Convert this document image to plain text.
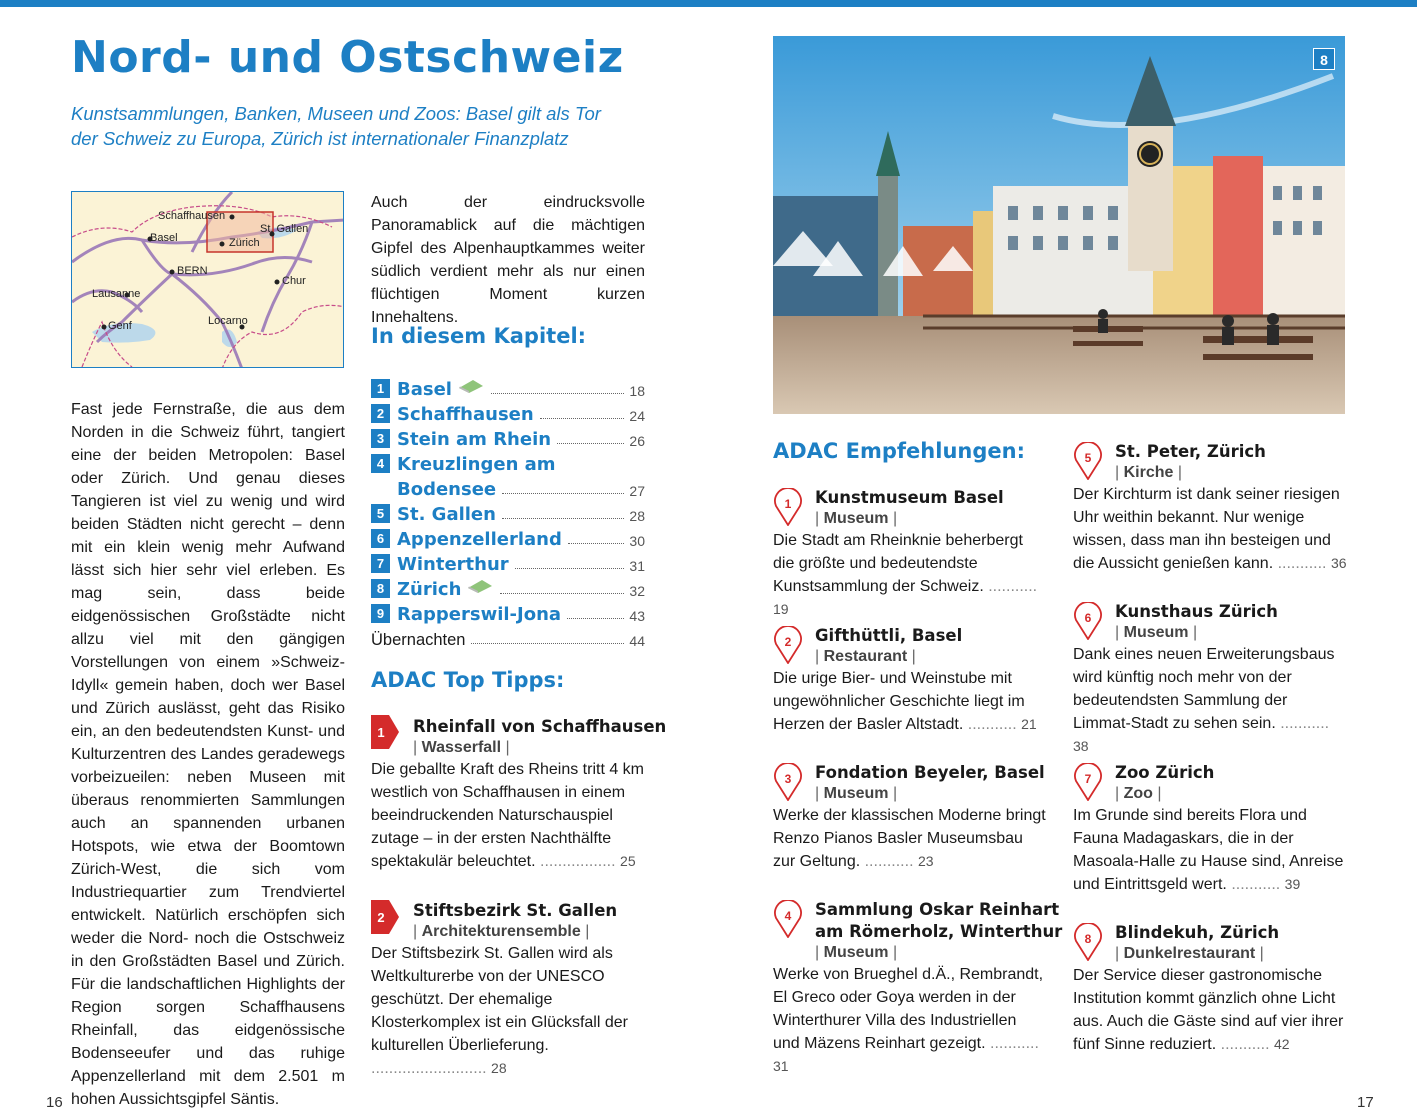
Nord- und Ostschweiz

Kunstsammlungen, Banken, Museen und Zoos: Basel gilt als Tor der Schweiz zu Europa, Zürich ist internationaler Finanzplatz

Schaffhausen
Basel
St. Gallen
Zürich
BERN
Chur
Lausanne
Genf	Locarno

Fast jede Fernstraße, die aus dem Norden in die Schweiz führt, tangiert eine der beiden Metropolen: Basel oder Zürich. Und genau dieses Tangieren ist viel zu wenig und wird beiden Städten nicht gerecht – denn mit ein klein wenig mehr Aufwand lässt sich hier sehr viel erleben. Es mag sein, dass beide eidgenössischen Großstädte nicht allzu viel mit den gängigen Vorstellungen von einem »Schweiz-Idyll« gemein haben, doch wer Basel und Zürich auslässt, geht das Risiko ein, an den bedeutendsten Kunst- und Kulturzentren des Landes geradewegs vorbeizueilen: neben Museen mit überaus renommierten Sammlungen auch an spannenden urbanen Hotspots, wie etwa der Boomtown Zürich-West, die sich vom Industriequartier zum Trendviertel entwickelt. Natürlich erschöpfen sich weder die Nord- noch die Ostschweiz in den Großstädten Basel und Zürich. Für die landschaftlichen Highlights der Region sorgen Schaffhausens Rheinfall, das eidgenössische Bodenseeufer und das ruhige Appenzellerland mit dem 2.501 m hohen Aussichtsgipfel Säntis.

Auch der eindrucksvolle Panoramablick auf die mächtigen Gipfel des Alpenhauptkammes weiter südlich verdient mehr als nur einen flüchtigen Moment kurzen Innehaltens.

In diesem Kapitel:
1 Basel	18
2 Schaffhausen	24
3 Stein am Rhein	26
4 Kreuzlingen am
Bodensee	27
5 St. Gallen	28
6 Appenzellerland	30
7 Winterthur	31
8 Zürich	32
9 Rapperswil-Jona	43
Übernachten	44
ADAC Top Tipps:
1	Rheinfall von Schaffhausen
| Wasserfall |

Die geballte Kraft des Rheins tritt 4 km westlich von Schaffhausen in einem beeindruckenden Naturschauspiel zutage – in der ersten Nachthälfte spektakulär beleuchtet. ................. 25

2	Stiftsbezirk St. Gallen
| Architekturensemble |

Der Stiftsbezirk St. Gallen wird als Weltkulturerbe von der UNESCO geschützt. Der ehemalige Klosterkomplex ist ein Glücksfall der kulturellen Überlieferung. .......................... 28

16
8
ADAC Empfehlungen:
1	Kunstmuseum Basel
| Museum |

Die Stadt am Rheinknie beherbergt die größte und bedeutendste Kunstsammlung der Schweiz. ........... 19

2	Gifthüttli, Basel
| Restaurant |

Die urige Bier- und Weinstube mit ungewöhnlicher Geschichte liegt im Herzen der Basler Altstadt. ........... 21

3	Fondation Beyeler, Basel
| Museum |

Werke der klassischen Moderne bringt Renzo Pianos Basler Museumsbau zur Geltung. ........... 23

4	Sammlung Oskar Reinhart
am Römerholz, Winterthur
| Museum |

Werke von Brueghel d.Ä., Rembrandt, El Greco oder Goya werden in der Winterthurer Villa des Industriellen und Mäzens Reinhart gezeigt. ........... 31

5	St. Peter, Zürich
| Kirche |

Der Kirchturm ist dank seiner riesigen Uhr weithin bekannt. Nur wenige wissen, dass man ihn besteigen und die Aussicht genießen kann. ........... 36

6	Kunsthaus Zürich
| Museum |

Dank eines neuen Erweiterungsbaus wird künftig noch mehr von der bedeutendsten Sammlung der Limmat-Stadt zu sehen sein. ........... 38

7	Zoo Zürich
| Zoo |

Im Grunde sind bereits Flora und Fauna Madagaskars, die in der Masoala-Halle zu Hause sind, Anreise und Eintrittsgeld wert. ........... 39

8	Blindekuh, Zürich
| Dunkelrestaurant |

Der Service dieser gastronomische Institution kommt gänzlich ohne Licht aus. Auch die Gäste sind auf vier ihrer fünf Sinne reduziert. ........... 42

17
